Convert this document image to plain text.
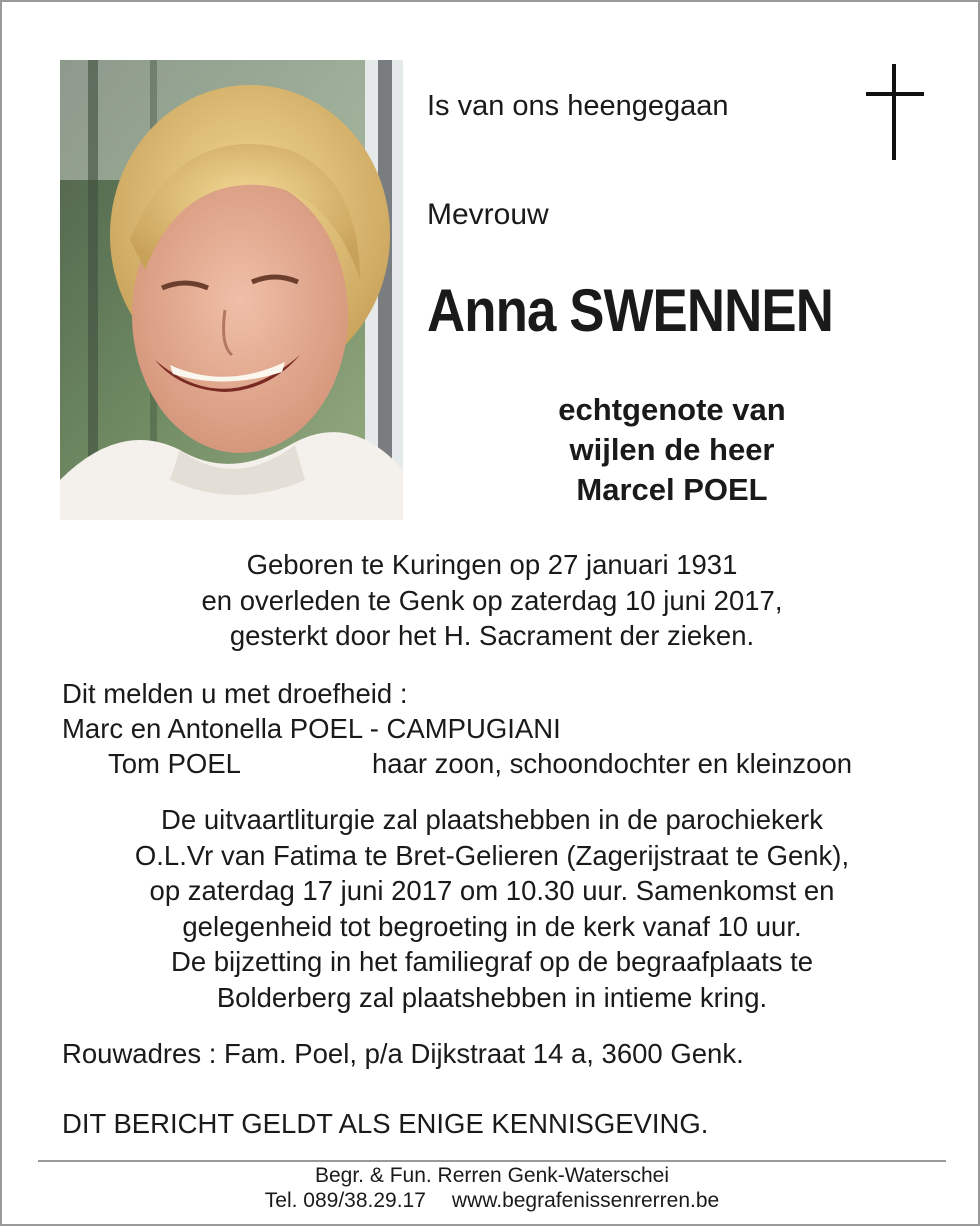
Is van ons heengegaan
Mevrouw
Anna SWENNEN
echtgenote van
wijlen de heer
Marcel POEL
Geboren te Kuringen op 27 januari 1931
en overleden te Genk op zaterdag 10 juni 2017,
gesterkt door het H. Sacrament der zieken.
Dit melden u met droefheid :
Marc en Antonella POEL - CAMPUGIANI
Tom POEL	haar zoon, schoondochter en kleinzoon
De uitvaartliturgie zal plaatshebben in de parochiekerk
O.L.Vr van Fatima te Bret-Gelieren (Zagerijstraat te Genk),
op zaterdag 17 juni 2017 om 10.30 uur. Samenkomst en
gelegenheid tot begroeting in de kerk vanaf 10 uur.
De bijzetting in het familiegraf op de begraafplaats te
Bolderberg zal plaatshebben in intieme kring.
Rouwadres : Fam. Poel, p/a Dijkstraat 14 a, 3600 Genk.
DIT BERICHT GELDT ALS ENIGE KENNISGEVING.
Begr. & Fun. Rerren Genk-Waterschei
Tel. 089/38.29.17 www.begrafenissenrerren.be
